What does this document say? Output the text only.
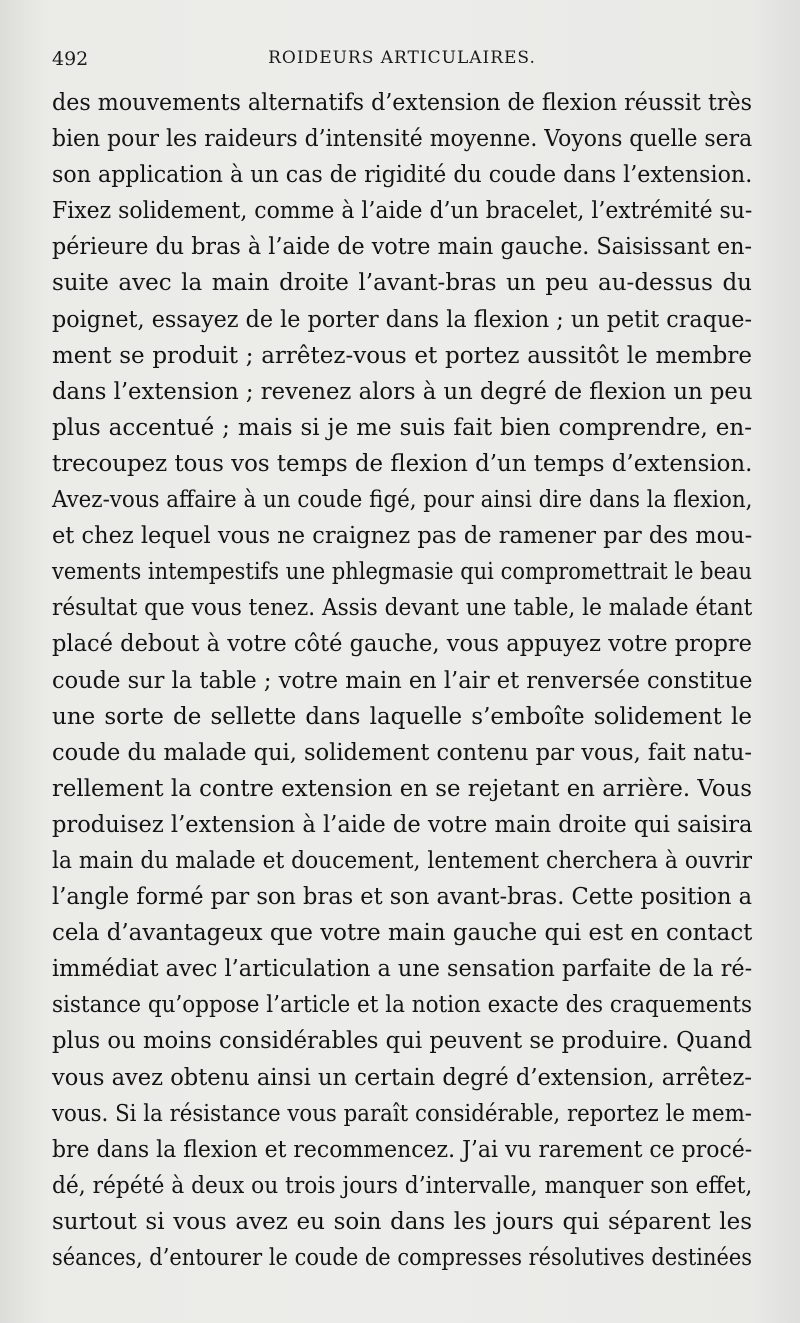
492	ROIDEURS ARTICULAIRES.
des mouvements alternatifs d’extension de flexion réussit très
bien pour les raideurs d’intensité moyenne. Voyons quelle sera
son application à un cas de rigidité du coude dans l’extension.
Fixez solidement, comme à l’aide d’un bracelet, l’extrémité su-
périeure du bras à l’aide de votre main gauche. Saisissant en-
suite avec la main droite l’avant-bras un peu au-dessus du
poignet, essayez de le porter dans la flexion ; un petit craque-
ment se produit ; arrêtez-vous et portez aussitôt le membre
dans l’extension ; revenez alors à un degré de flexion un peu
plus accentué ; mais si je me suis fait bien comprendre, en-
trecoupez tous vos temps de flexion d’un temps d’extension.
Avez-vous affaire à un coude figé, pour ainsi dire dans la flexion,
et chez lequel vous ne craignez pas de ramener par des mou-
vements intempestifs une phlegmasie qui compromettrait le beau
résultat que vous tenez. Assis devant une table, le malade étant
placé debout à votre côté gauche, vous appuyez votre propre
coude sur la table ; votre main en l’air et renversée constitue
une sorte de sellette dans laquelle s’emboîte solidement le
coude du malade qui, solidement contenu par vous, fait natu-
rellement la contre extension en se rejetant en arrière. Vous
produisez l’extension à l’aide de votre main droite qui saisira
la main du malade et doucement, lentement cherchera à ouvrir
l’angle formé par son bras et son avant-bras. Cette position a
cela d’avantageux que votre main gauche qui est en contact
immédiat avec l’articulation a une sensation parfaite de la ré-
sistance qu’oppose l’article et la notion exacte des craquements
plus ou moins considérables qui peuvent se produire. Quand
vous avez obtenu ainsi un certain degré d’extension, arrêtez-
vous. Si la résistance vous paraît considérable, reportez le mem-
bre dans la flexion et recommencez. J’ai vu rarement ce procé-
dé, répété à deux ou trois jours d’intervalle, manquer son effet,
surtout si vous avez eu soin dans les jours qui séparent les
séances, d’entourer le coude de compresses résolutives destinées
